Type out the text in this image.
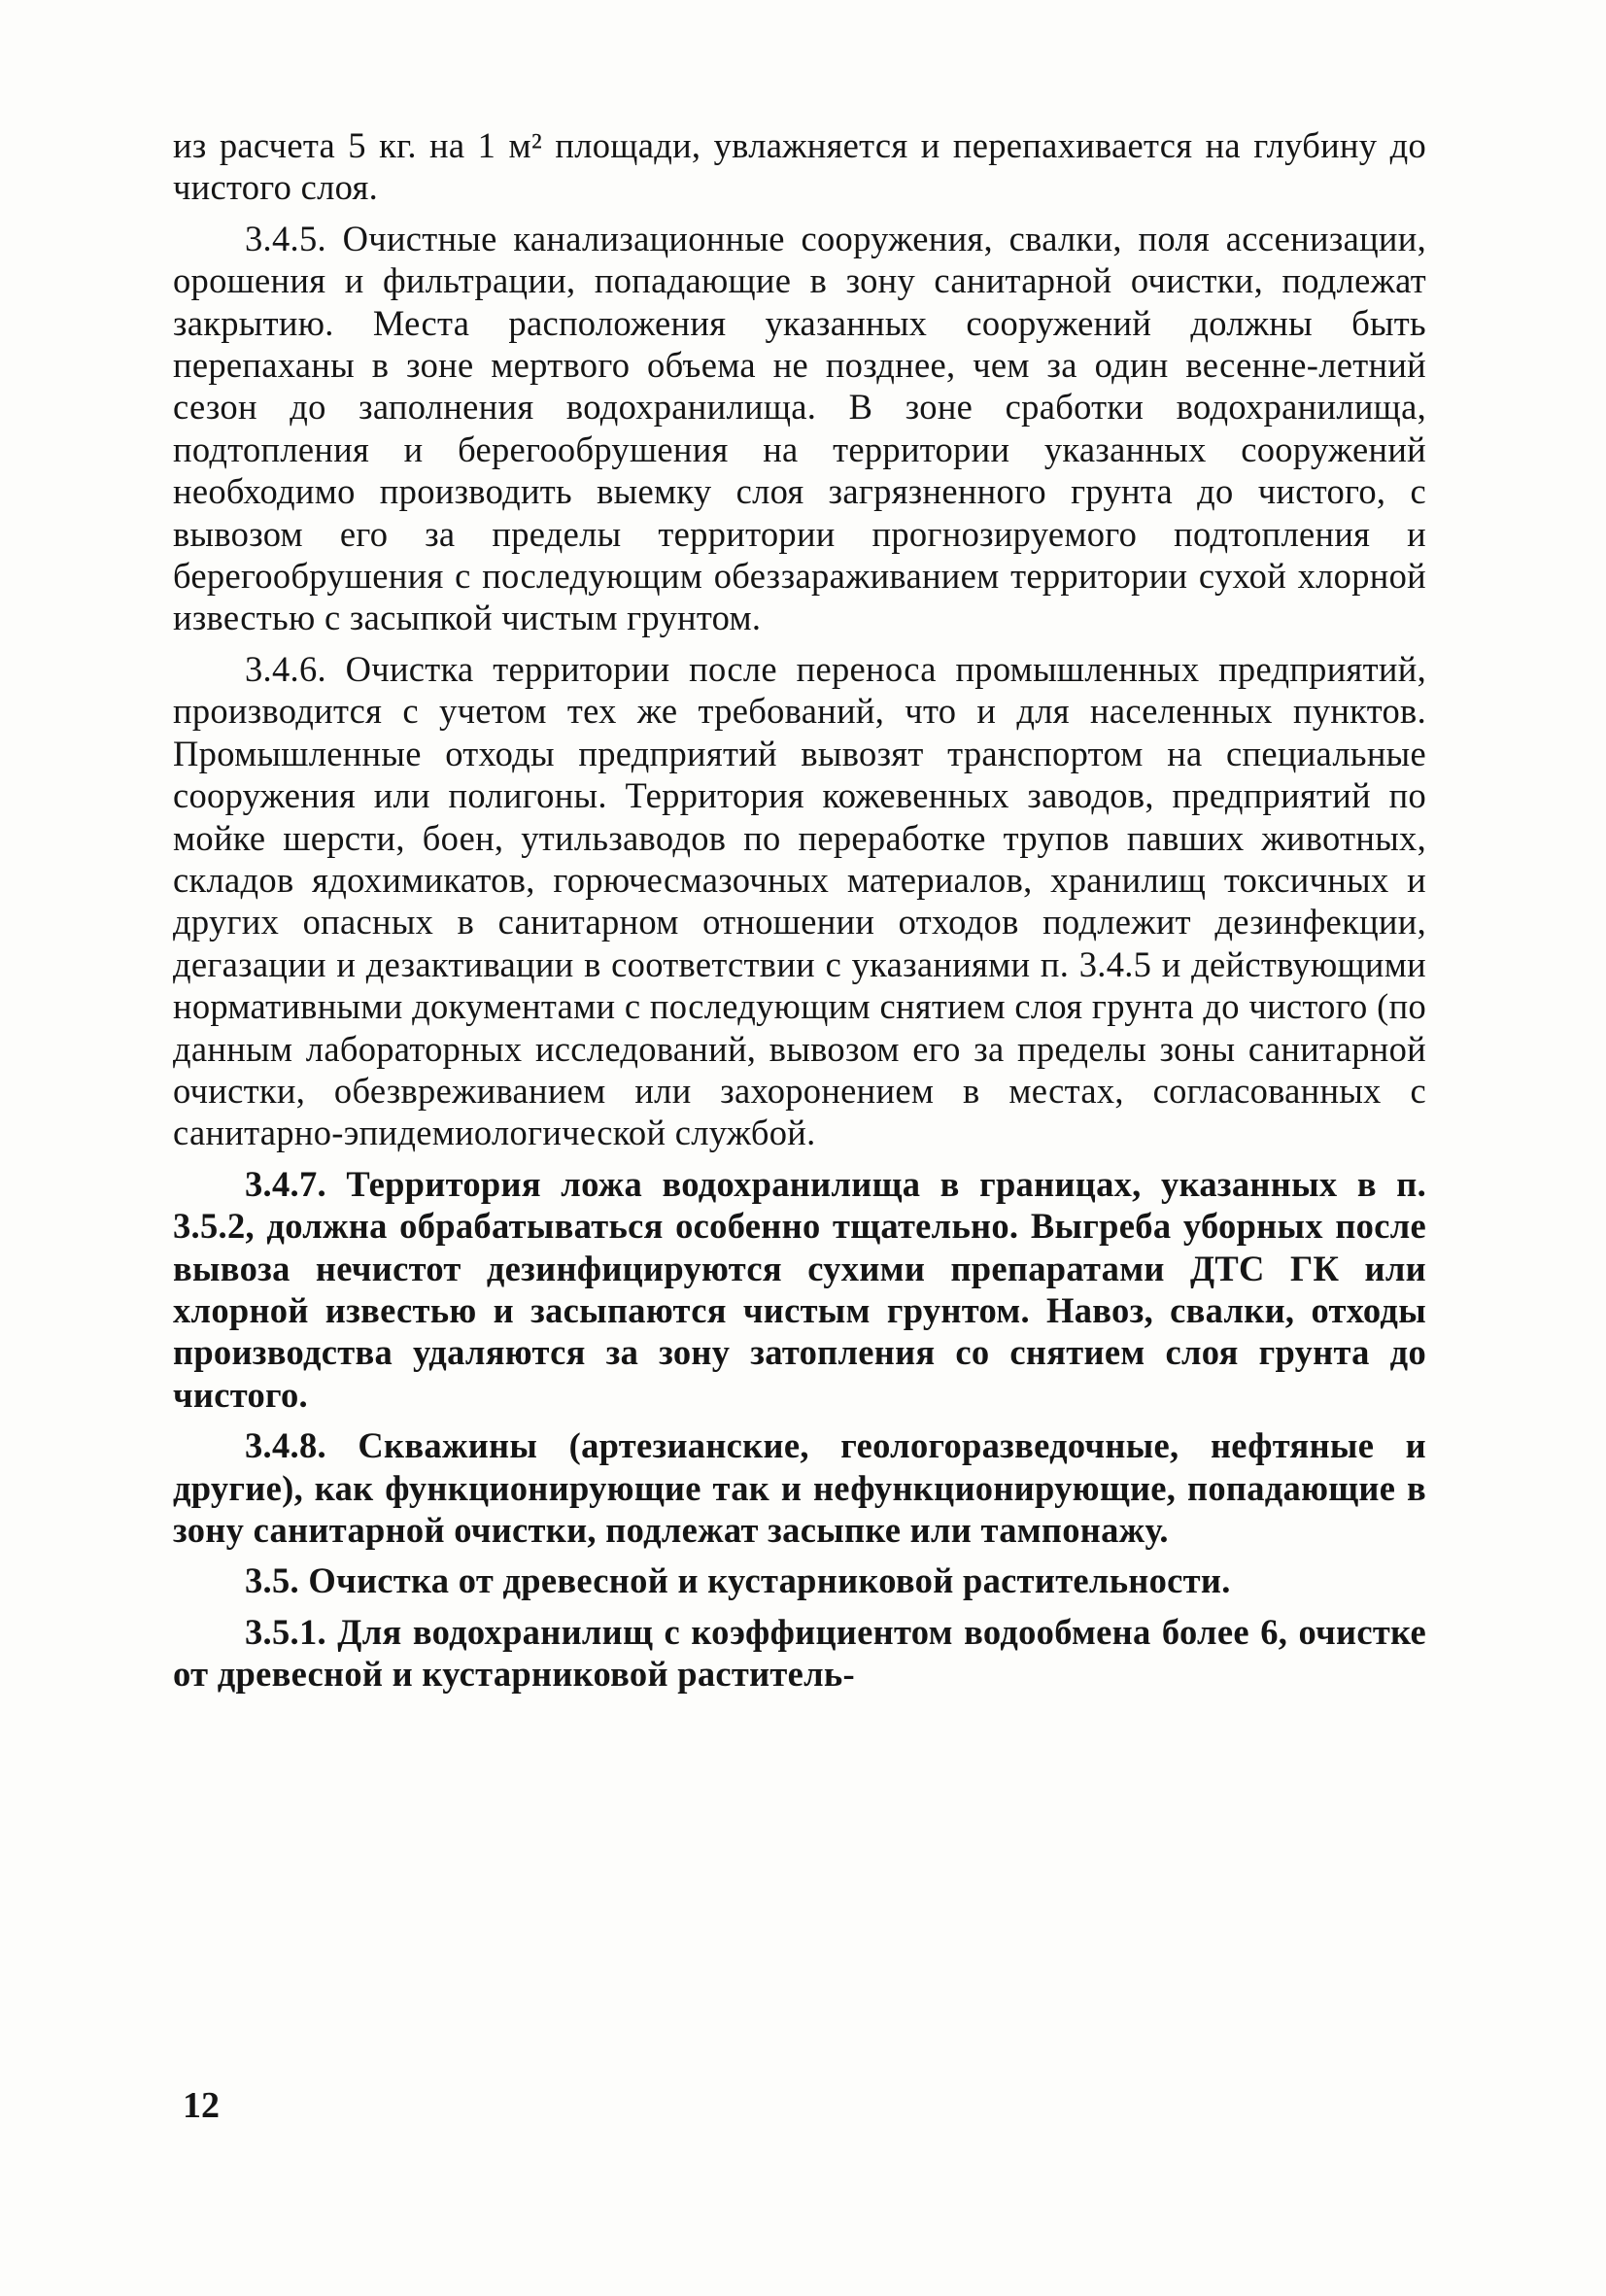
из расчета 5 кг. на 1 м² площади, увлажняется и перепахивается на глубину до чистого слоя.

3.4.5. Очистные канализационные сооружения, свалки, поля ассенизации, орошения и фильтрации, попадающие в зону санитарной очистки, подлежат закрытию. Места расположения указанных сооружений должны быть перепаханы в зоне мертвого объема не позднее, чем за один весенне-летний сезон до заполнения водохранилища. В зоне сработки водохранилища, подтопления и берегообрушения на территории указанных сооружений необходимо производить выемку слоя загрязненного грунта до чистого, с вывозом его за пределы территории прогнозируемого подтопления и берегообрушения с последующим обеззараживанием территории сухой хлорной известью с засыпкой чистым грунтом.

3.4.6. Очистка территории после переноса промышленных предприятий, производится с учетом тех же требований, что и для населенных пунктов. Промышленные отходы предприятий вывозят транспортом на специальные сооружения или полигоны. Территория кожевенных заводов, предприятий по мойке шерсти, боен, утильзаводов по переработке трупов павших животных, складов ядохимикатов, горючесмазочных материалов, хранилищ токсичных и других опасных в санитарном отношении отходов подлежит дезинфекции, дегазации и дезактивации в соответствии с указаниями п. 3.4.5 и действующими нормативными документами с последующим снятием слоя грунта до чистого (по данным лабораторных исследований, вывозом его за пределы зоны санитарной очистки, обезвреживанием или захоронением в местах, согласованных с санитарно-эпидемиологической службой.

3.4.7. Территория ложа водохранилища в границах, указанных в п. 3.5.2, должна обрабатываться особенно тщательно. Выгреба уборных после вывоза нечистот дезинфицируются сухими препаратами ДТС ГК или хлорной известью и засыпаются чистым грунтом. Навоз, свалки, отходы производства удаляются за зону затопления со снятием слоя грунта до чистого.

3.4.8. Скважины (артезианские, геологоразведочные, нефтяные и другие), как функционирующие так и нефункционирующие, попадающие в зону санитарной очистки, подлежат засыпке или тампонажу.

3.5. Очистка от древесной и кустарниковой растительности.

3.5.1. Для водохранилищ с коэффициентом водообмена более 6, очистке от древесной и кустарниковой раститель-

12
